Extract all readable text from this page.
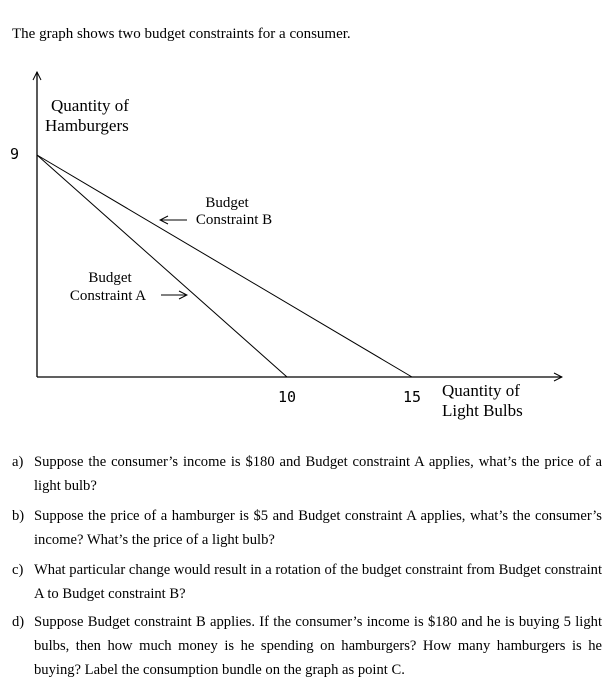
The graph shows two budget constraints for a consumer.
Quantity of
Hamburgers
Quantity of
Light Bulbs
9
10	15
Budget
Constraint B
Budget
Constraint A
a) Suppose the consumer’s income is $180 and Budget constraint A applies, what’s the price of a light bulb?
b) Suppose the price of a hamburger is $5 and Budget constraint A applies, what’s the consumer’s income? What’s the price of a light bulb?
c) What particular change would result in a rotation of the budget constraint from Budget constraint A to Budget constraint B?
d) Suppose Budget constraint B applies. If the consumer’s income is $180 and he is buying 5 light bulbs, then how much money is he spending on hamburgers? How many hamburgers is he buying? Label the consumption bundle on the graph as point C.
